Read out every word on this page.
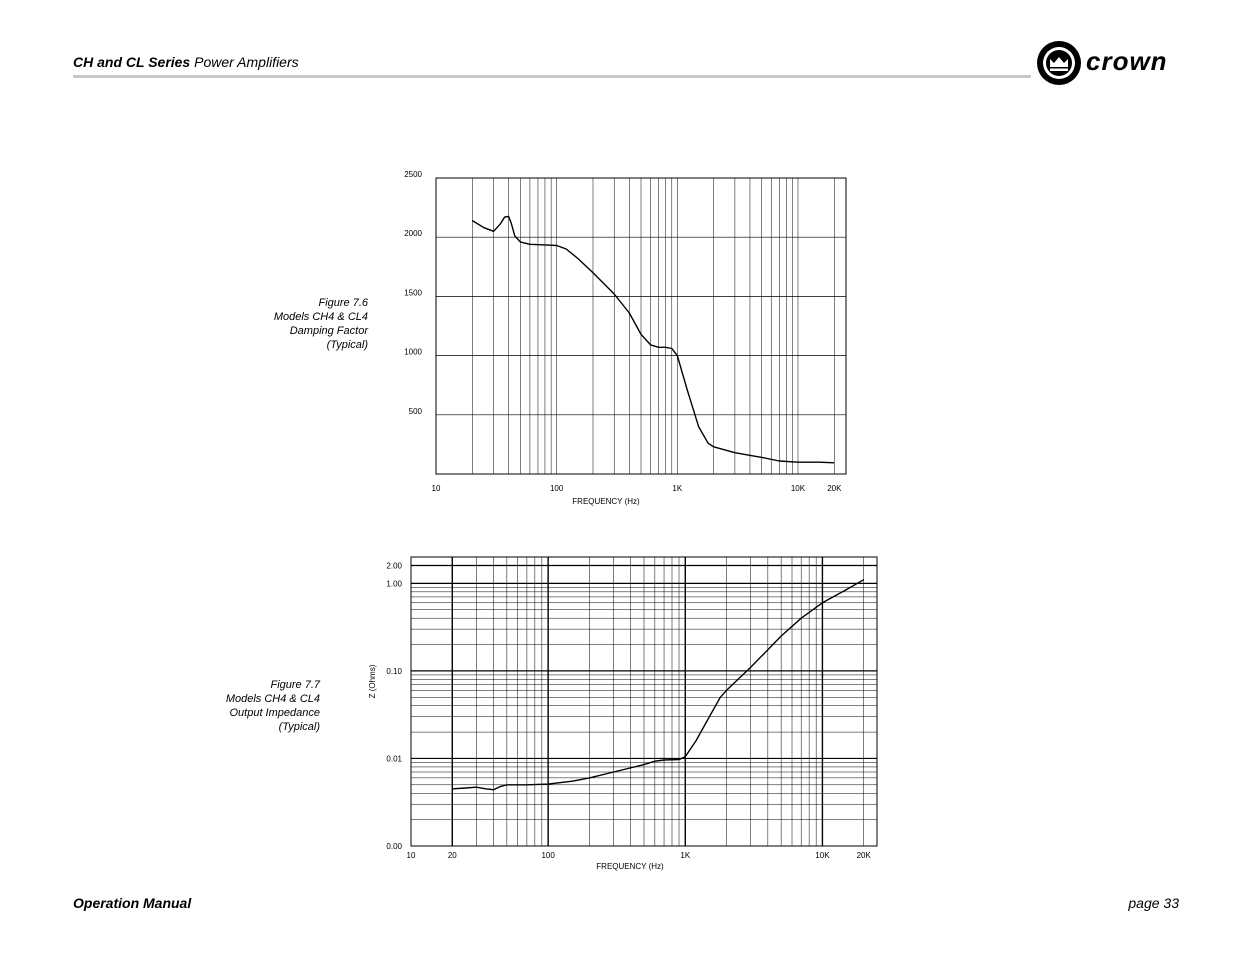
CH and CL Series Power Amplifiers	crown
Figure 7.6
Models CH4 & CL4
Damping Factor
(Typical)
Figure 7.7
Models CH4 & CL4
Output Impedance
(Typical)
500
1000
1500
2000
2500
10	100	1K	10K	20K
FREQUENCY (Hz)
0.00
0.01
0.10
1.00
2.00
10	20	100	1K	10K	20K
FREQUENCY (Hz)
Z (Ohms)
Operation Manual	page 33
